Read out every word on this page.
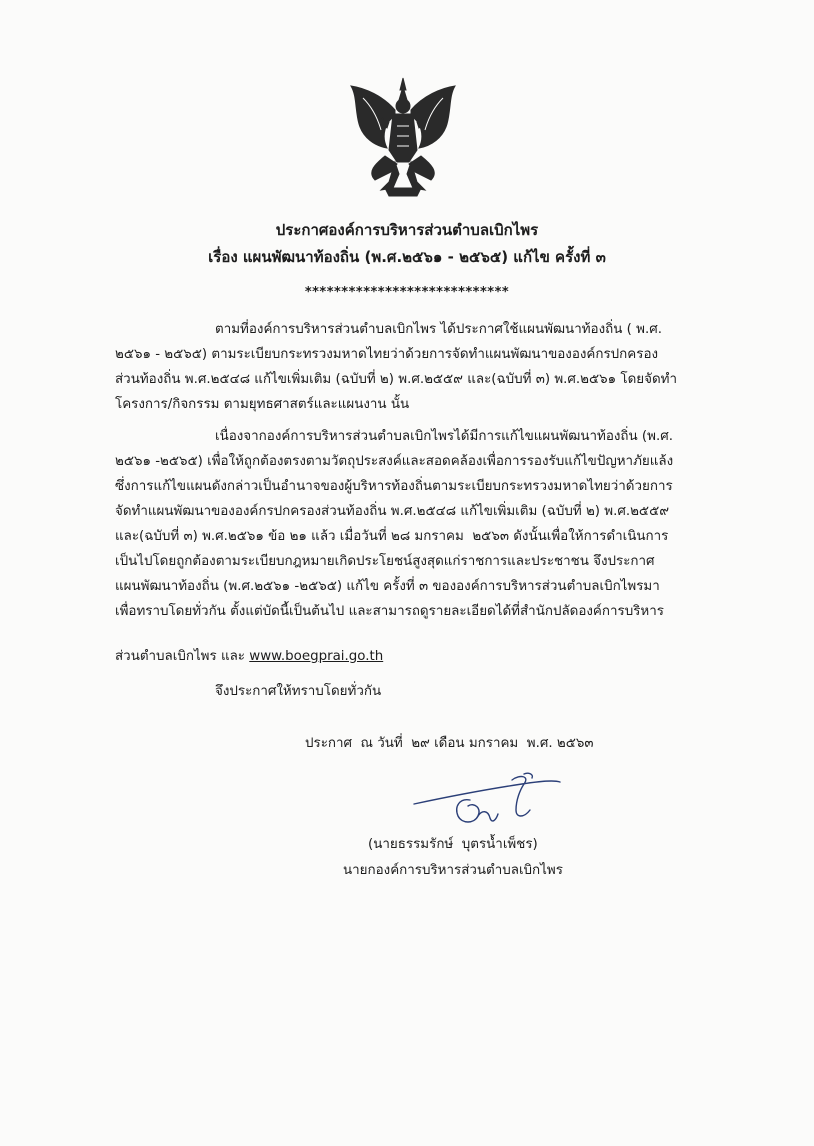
ประกาศองค์การบริหารส่วนตำบลเบิกไพร
เรื่อง แผนพัฒนาท้องถิ่น (พ.ศ.๒๕๖๑ - ๒๕๖๕) แก้ไข ครั้งที่ ๓
****************************
ตามที่องค์การบริหารส่วนตำบลเบิกไพร ได้ประกาศใช้แผนพัฒนาท้องถิ่น ( พ.ศ.
๒๕๖๑ - ๒๕๖๕) ตามระเบียบกระทรวงมหาดไทยว่าด้วยการจัดทำแผนพัฒนาขององค์กรปกครอง
ส่วนท้องถิ่น พ.ศ.๒๕๔๘ แก้ไขเพิ่มเติม (ฉบับที่ ๒) พ.ศ.๒๕๕๙ และ(ฉบับที่ ๓) พ.ศ.๒๕๖๑ โดยจัดทำ
โครงการ/กิจกรรม ตามยุทธศาสตร์และแผนงาน นั้น
เนื่องจากองค์การบริหารส่วนตำบลเบิกไพรได้มีการแก้ไขแผนพัฒนาท้องถิ่น (พ.ศ.
๒๕๖๑ -๒๕๖๕) เพื่อให้ถูกต้องตรงตามวัตถุประสงค์และสอดคล้องเพื่อการรองรับแก้ไขปัญหาภัยแล้ง
ซึ่งการแก้ไขแผนดังกล่าวเป็นอำนาจของผู้บริหารท้องถิ่นตามระเบียบกระทรวงมหาดไทยว่าด้วยการ
จัดทำแผนพัฒนาขององค์กรปกครองส่วนท้องถิ่น พ.ศ.๒๕๔๘ แก้ไขเพิ่มเติม (ฉบับที่ ๒) พ.ศ.๒๕๕๙
และ(ฉบับที่ ๓) พ.ศ.๒๕๖๑ ข้อ ๒๑ แล้ว เมื่อวันที่ ๒๘ มกราคม  ๒๕๖๓ ดังนั้นเพื่อให้การดำเนินการ
เป็นไปโดยถูกต้องตามระเบียบกฎหมายเกิดประโยชน์สูงสุดแก่ราชการและประชาชน จึงประกาศ
แผนพัฒนาท้องถิ่น (พ.ศ.๒๕๖๑ -๒๕๖๕) แก้ไข ครั้งที่ ๓ ขององค์การบริหารส่วนตำบลเบิกไพรมา
เพื่อทราบโดยทั่วกัน ตั้งแต่บัดนี้เป็นต้นไป และสามารถดูรายละเอียดได้ที่สำนักปลัดองค์การบริหาร

ส่วนตำบลเบิกไพร และ www.boegprai.go.th

จึงประกาศให้ทราบโดยทั่วกัน
ประกาศ  ณ วันที่  ๒๙ เดือน มกราคม  พ.ศ. ๒๕๖๓
(นายธรรมรักษ์  บุตรน้ำเพ็ชร)
นายกองค์การบริหารส่วนตำบลเบิกไพร
